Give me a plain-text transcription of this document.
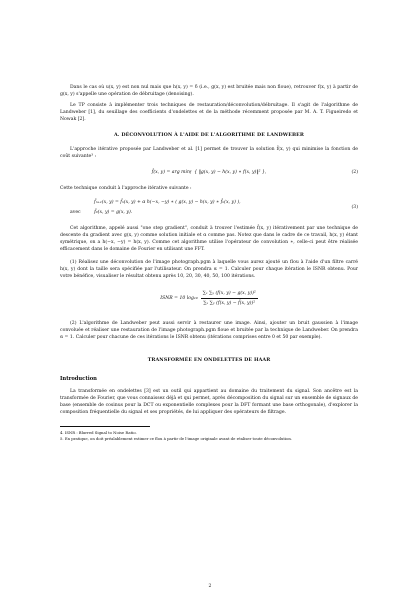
Dans le cas où u(x, y) est non nul mais que h(x, y) = δ (i.e., g(x, y) est bruitée mais non floue), retrouver f(x, y) à partir de g(x, y) s'appelle une opération de débruitage (denoising).

Le TP consiste à implémenter trois techniques de restauration/déconvolution/débruitage. Il s'agit de l'algorithme de Landweber [1], du seuillage des coefficients d'ondelettes et de la méthode récemment proposée par M. A. T. Figueiredo et Nowak [2].

A. DÉCONVOLUTION À L'AIDE DE L'ALGORITHME DE LANDWEBER

L'approche itérative proposée par Landweber et al. [1] permet de trouver la solution f̂(x, y) qui minimise la fonction de coût suivante³ :

f̂(x, y) = arg min f { ‖g(x, y) − h(x, y) ∗ f(x, y)‖² },	(2)

Cette technique conduit à l'approche itérative suivante :

f̂ₙ₊₁(x, y) = f̂ₙ(x, y) + α h(−x, −y) ∗ ( g(x, y) − h(x, y) ∗ f̂ₙ(x, y) ),
avec	f̂₀(x, y) = g(x, y).
(3)

Cet algorithme, appelé aussi "one step gradient", conduit à trouver l'estimée f̂(x, y) itérativement par une technique de descente du gradient avec g(x, y) comme solution initiale et α comme pas. Notez que dans le cadre de ce travail, h(x, y) étant symétrique, on a h(−x, −y) = h(x, y). Comme cet algorithme utilise l'opérateur de convolution ∗, celle-ci peut être réalisée efficacement dans le domaine de Fourier en utilisant une FFT.

(1) Réalisez une déconvolution de l'image photograph.pgm à laquelle vous aurez ajouté un flou à l'aide d'un filtre carré h(x, y) dont la taille sera spécifiée par l'utilisateur. On prendra α = 1. Calculer pour chaque itération le ISNR obtenu. Pour votre bénéfice, visualiser le résultat obtenu après 10, 20, 30, 40, 50, 100 itérations.

ISNR = 10 $\log_{10} \frac{\text{∑ₓ ∑ᵧ (f(x, y) − g(x, y))²}}{\text{∑ₓ ∑ᵧ (f(x, y) − f̂(x, y))²}}$

(2) L'algorithme de Landweber peut aussi servir à restaurer une image. Ainsi, ajouter un bruit gaussien à l'image convoluée et réaliser une restauration de l'image photograph.pgm floue et bruitée par la technique de Landweber. On prendra α = 1. Calculer pour chacune de ces itérations le ISNR obtenu (itérations comprises entre 0 et 50 par exemple).

TRANSFORMÉE EN ONDELETTES DE HAAR
Introduction

La transformée en ondelettes [3] est un outil qui appartient au domaine du traitement du signal. Son ancêtre est la transformée de Fourier, que vous connaissez déjà et qui permet, après décomposition du signal sur un ensemble de signaux de base (ensemble de cosinus pour la DCT ou exponentielle complexes pour la DFT formant une base orthogonale), d'explorer la composition fréquentielle du signal et ses propriétés, de lui appliquer des opérateurs de filtrage.

4. ISNR : Blurred Signal to Noise Ratio.

5. En pratique, on doit préalablement estimer ce flou à partir de l'image originale avant de réaliser toute déconvolution.

2
